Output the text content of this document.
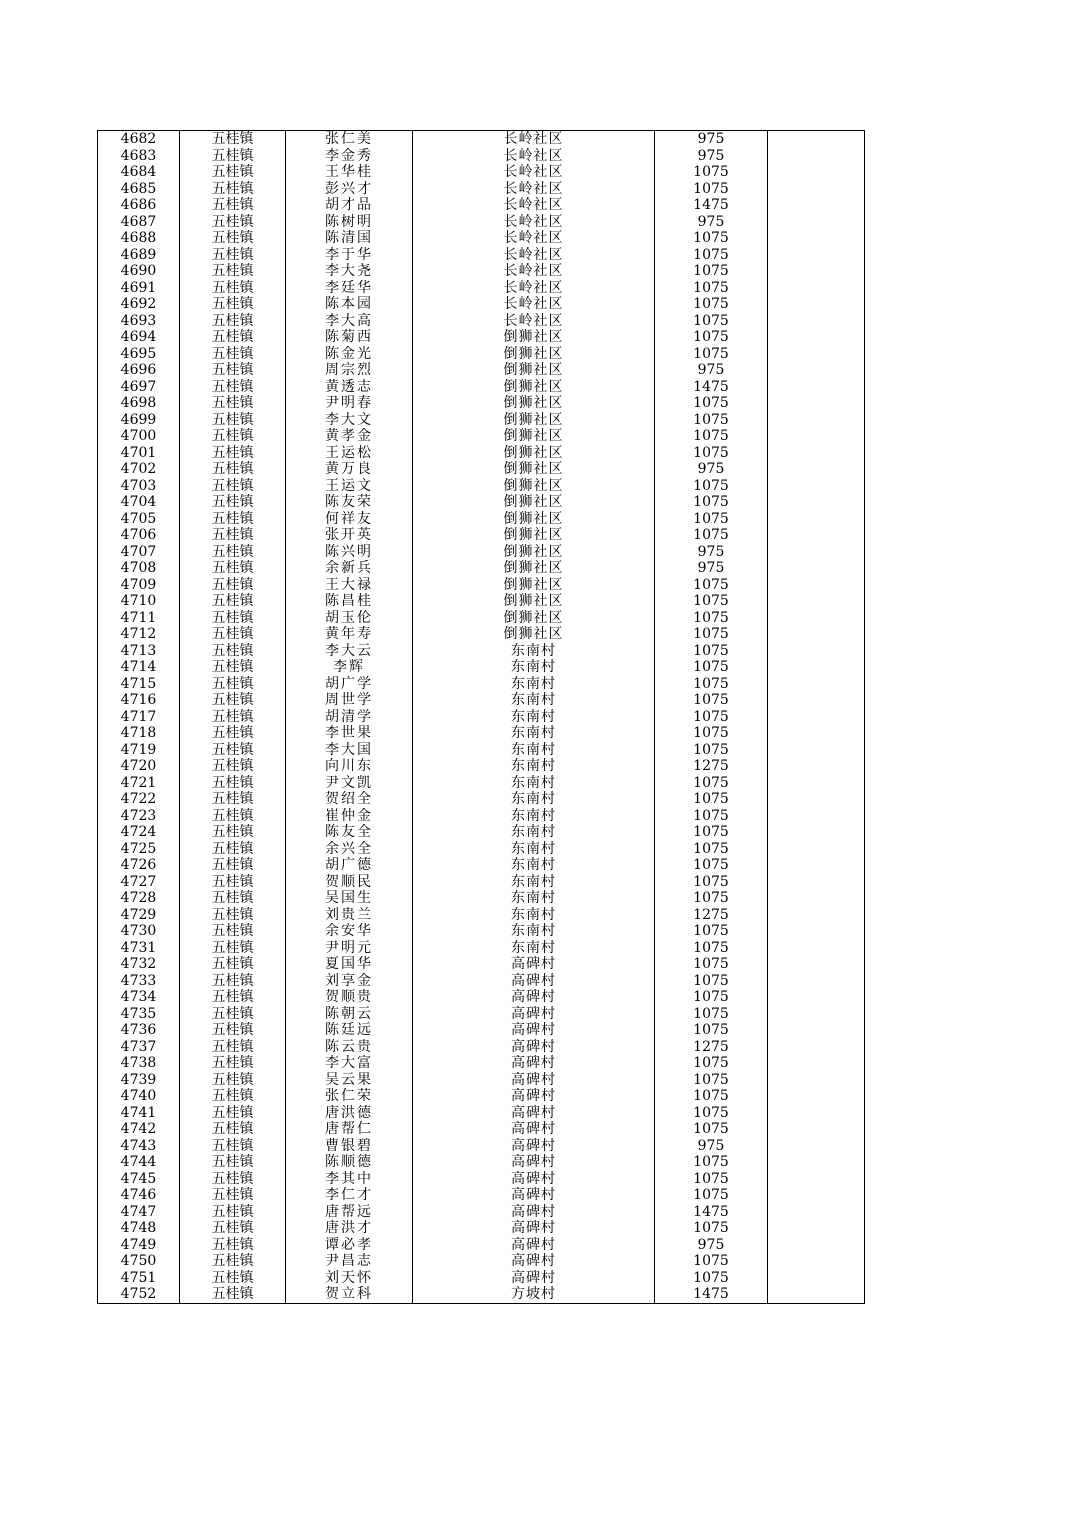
4682	五桂镇	张仁美	长岭社区	975	
4683	五桂镇	李金秀	长岭社区	975	
4684	五桂镇	王华桂	长岭社区	1075	
4685	五桂镇	彭兴才	长岭社区	1075	
4686	五桂镇	胡才品	长岭社区	1475	
4687	五桂镇	陈树明	长岭社区	975	
4688	五桂镇	陈清国	长岭社区	1075	
4689	五桂镇	李于华	长岭社区	1075	
4690	五桂镇	李大尧	长岭社区	1075	
4691	五桂镇	李廷华	长岭社区	1075	
4692	五桂镇	陈本园	长岭社区	1075	
4693	五桂镇	李大高	长岭社区	1075	
4694	五桂镇	陈菊西	倒狮社区	1075	
4695	五桂镇	陈金光	倒狮社区	1075	
4696	五桂镇	周宗烈	倒狮社区	975	
4697	五桂镇	黄透志	倒狮社区	1475	
4698	五桂镇	尹明春	倒狮社区	1075	
4699	五桂镇	李大文	倒狮社区	1075	
4700	五桂镇	黄孝金	倒狮社区	1075	
4701	五桂镇	王运松	倒狮社区	1075	
4702	五桂镇	黄万良	倒狮社区	975	
4703	五桂镇	王运文	倒狮社区	1075	
4704	五桂镇	陈友荣	倒狮社区	1075	
4705	五桂镇	何祥友	倒狮社区	1075	
4706	五桂镇	张开英	倒狮社区	1075	
4707	五桂镇	陈兴明	倒狮社区	975	
4708	五桂镇	余新兵	倒狮社区	975	
4709	五桂镇	王大禄	倒狮社区	1075	
4710	五桂镇	陈昌桂	倒狮社区	1075	
4711	五桂镇	胡玉伦	倒狮社区	1075	
4712	五桂镇	黄年寿	倒狮社区	1075	
4713	五桂镇	李大云	东南村	1075	
4714	五桂镇	李辉	东南村	1075	
4715	五桂镇	胡广学	东南村	1075	
4716	五桂镇	周世学	东南村	1075	
4717	五桂镇	胡清学	东南村	1075	
4718	五桂镇	李世果	东南村	1075	
4719	五桂镇	李大国	东南村	1075	
4720	五桂镇	向川东	东南村	1275	
4721	五桂镇	尹文凯	东南村	1075	
4722	五桂镇	贺绍全	东南村	1075	
4723	五桂镇	崔仲金	东南村	1075	
4724	五桂镇	陈友全	东南村	1075	
4725	五桂镇	余兴全	东南村	1075	
4726	五桂镇	胡广德	东南村	1075	
4727	五桂镇	贺顺民	东南村	1075	
4728	五桂镇	吴国生	东南村	1075	
4729	五桂镇	刘贵兰	东南村	1275	
4730	五桂镇	余安华	东南村	1075	
4731	五桂镇	尹明元	东南村	1075	
4732	五桂镇	夏国华	高碑村	1075	
4733	五桂镇	刘享金	高碑村	1075	
4734	五桂镇	贺顺贵	高碑村	1075	
4735	五桂镇	陈朝云	高碑村	1075	
4736	五桂镇	陈廷远	高碑村	1075	
4737	五桂镇	陈云贵	高碑村	1275	
4738	五桂镇	李大富	高碑村	1075	
4739	五桂镇	吴云果	高碑村	1075	
4740	五桂镇	张仁荣	高碑村	1075	
4741	五桂镇	唐洪德	高碑村	1075	
4742	五桂镇	唐帮仁	高碑村	1075	
4743	五桂镇	曹银碧	高碑村	975	
4744	五桂镇	陈顺德	高碑村	1075	
4745	五桂镇	李其中	高碑村	1075	
4746	五桂镇	李仁才	高碑村	1075	
4747	五桂镇	唐帮远	高碑村	1475	
4748	五桂镇	唐洪才	高碑村	1075	
4749	五桂镇	谭必孝	高碑村	975	
4750	五桂镇	尹昌志	高碑村	1075	
4751	五桂镇	刘天怀	高碑村	1075	
4752	五桂镇	贺立科	方坡村	1475	
